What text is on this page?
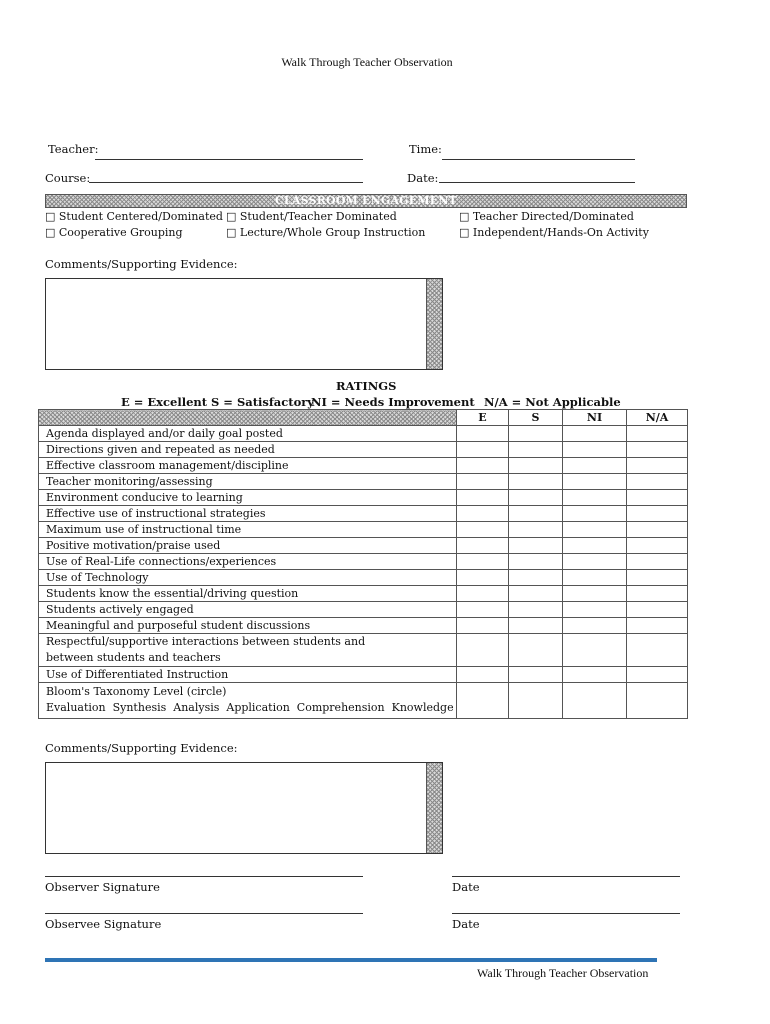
Walk Through Teacher Observation
Teacher:	Time:
Course:	Date:
CLASSROOM ENGAGEMENT
□ Student Centered/Dominated □ Student/Teacher Dominated	□ Teacher Directed/Dominated
□ Cooperative Grouping	□ Lecture/Whole Group Instruction	□ Independent/Hands-On Activity
Comments/Supporting Evidence:
RATINGS
E = Excellent S = Satisfactory
NI = Needs Improvement N/A = Not Applicable
	E	S	NI	N/A
Agenda displayed and/or daily goal posted				
Directions given and repeated as needed				
Effective classroom management/discipline				
Teacher monitoring/assessing				
Environment conducive to learning				
Effective use of instructional strategies				
Maximum use of instructional time				
Positive motivation/praise used				
Use of Real-Life connections/experiences				
Use of Technology				
Students know the essential/driving question				
Students actively engaged				
Meaningful and purposeful student discussions				
Respectful/supportive interactions between students and between students and teachers				
Use of Differentiated Instruction				

Bloom's Taxonomy Level (circle)
Evaluation  Synthesis  Analysis  Application  Comprehension  Knowledge				

Comments/Supporting Evidence:
Observer Signature	Date
Observee Signature	Date
Walk Through Teacher Observation
